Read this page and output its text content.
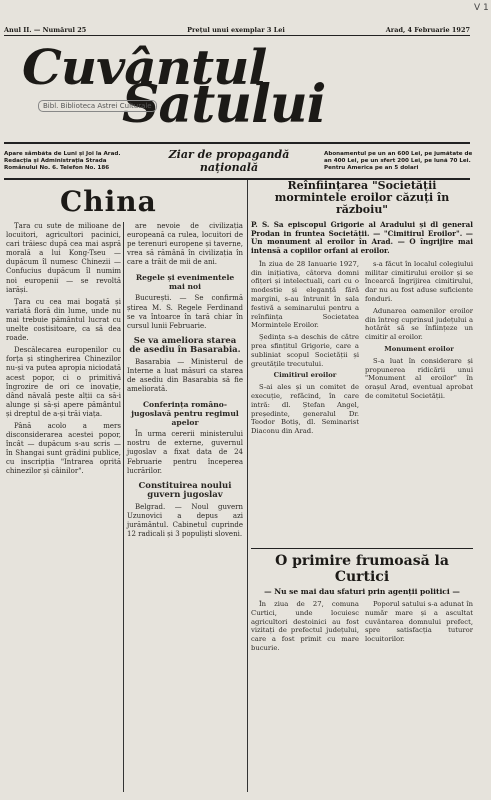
V 1
Anul II. — Numărul 25	Prețul unui exemplar 3 Lei	Arad, 4 Februarie 1927
Cuvântul
Satului
Bibl. Biblioteca Astrei Culturale
Apare sâmbăta de Luni și Joi la Arad. Redacția și Administrația Strada Românului No. 6. Telefon No. 186
Ziar de propagandă națională
Abonamentul pe un an 600 Lei, pe jumătate de an 400 Lei, pe un sfert 200 Lei, pe lună 70 Lei. Pentru America pe an 5 dolari
China

Țara cu sute de milioane de locuitori, agricultori pacinici, cari trăiesc după cea mai aspră morală a lui Kong-Tseu — dupăcum îl numesc Chinezii — Confucius dupăcum îl numim noi europenii — se revoltă iarăși.

Țara cu cea mai bogată și variată floră din lume, unde nu mai trebuie pământul lucrat cu unelte costisitoare, ca să dea roade.

Descălecarea europenilor cu forța și stingherirea Chinezilor nu-și va putea apropia niciodată acest popor, ci o primitivă îngrozire de ori ce inovație, dând năvală peste alții ca să-i alunge și să-și apere pământul și dreptul de a-și trăi viața.

Până acolo a mers disconsiderarea acestei popor, încât — dupăcum s-au scris — în Shangai sunt grădini publice, cu inscripția "Intrarea oprită chinezilor și câinilor".

are nevoie de civilizația europeană ca rulea, locuitori de pe terenuri europene și taverne, vrea să rămână în civilizația în care a trăit de mii de ani.

Regele și evenimentele mai noi

București. — Se confirmă știrea M. S. Regele Ferdinand se va întoarce în tară chiar în cursul lunii Februarie.

Se va ameliora starea de asediu în Basarabia.

Basarabia — Ministerul de Interne a luat măsuri ca starea de asediu din Basarabia să fie ameliorată.

Conferința româno-jugoslavă pentru regimul apelor

În urma cererii ministerului nostru de externe, guvernul jugoslav a fixat data de 24 Februarie pentru începerea lucrărilor.

Constituirea noului guvern jugoslav

Belgrad. — Noul guvern Uzunovici a depus azi jurământul. Cabinetul cuprinde 12 radicali și 3 populiști sloveni.

Reînființarea "Societății mormintele eroilor căzuți în războiu"
P. S. Sa episcopul Grigorie al Aradului și dl general Prodan in fruntea Societății. — "Cimitirul Eroilor". — Un monument al eroilor în Arad. — O îngrijire mai intensă a copiilor orfani ai eroilor.

În ziua de 28 Ianuarie 1927, din inițiativa, câtorva domni ofițeri și intelectuali, cari cu o modestie și eleganță fără margini, s-au întrunit în sala festivă a seminarului pentru a reînființa Societatea Mormintele Eroilor.

Ședința s-a deschis de către prea sfințitul Grigorie, care a subliniat scopul Societății și greutățile trecutului.

Cimitirul eroilor

S-ai ales și un comitet de execuție, refăcind, în care intră: dl. Ștefan Angel, președinte, generalul Dr. Teodor Botiș, dl. Seminarist Diaconu din Arad.

s-a făcut în localul colegiului militar cimitirului eroilor și se încearcă îngrijirea cimitirului, dar nu au fost aduse suficiente fonduri.

Adunarea oamenilor eroilor din întreg cuprinsul județului a hotărât să se înființeze un cimitir al eroilor.

Monument eroilor

S-a luat în considerare și propunerea ridicării unui "Monument al eroilor" în orașul Arad, eventual aprobat de comitetul Societății.

O primire frumoasă la Curtici
— Nu se mai dau sfaturi prin agenții politici —

În ziua de 27, comuna Curtici, unde locuiesc agricultori destoinici au fost vizitați de prefectul județului, care a fost primit cu mare bucurie.

Poporul satului s-a adunat în număr mare și a ascultat cuvântarea domnului prefect, spre satisfacția tuturor locuitorilor.
